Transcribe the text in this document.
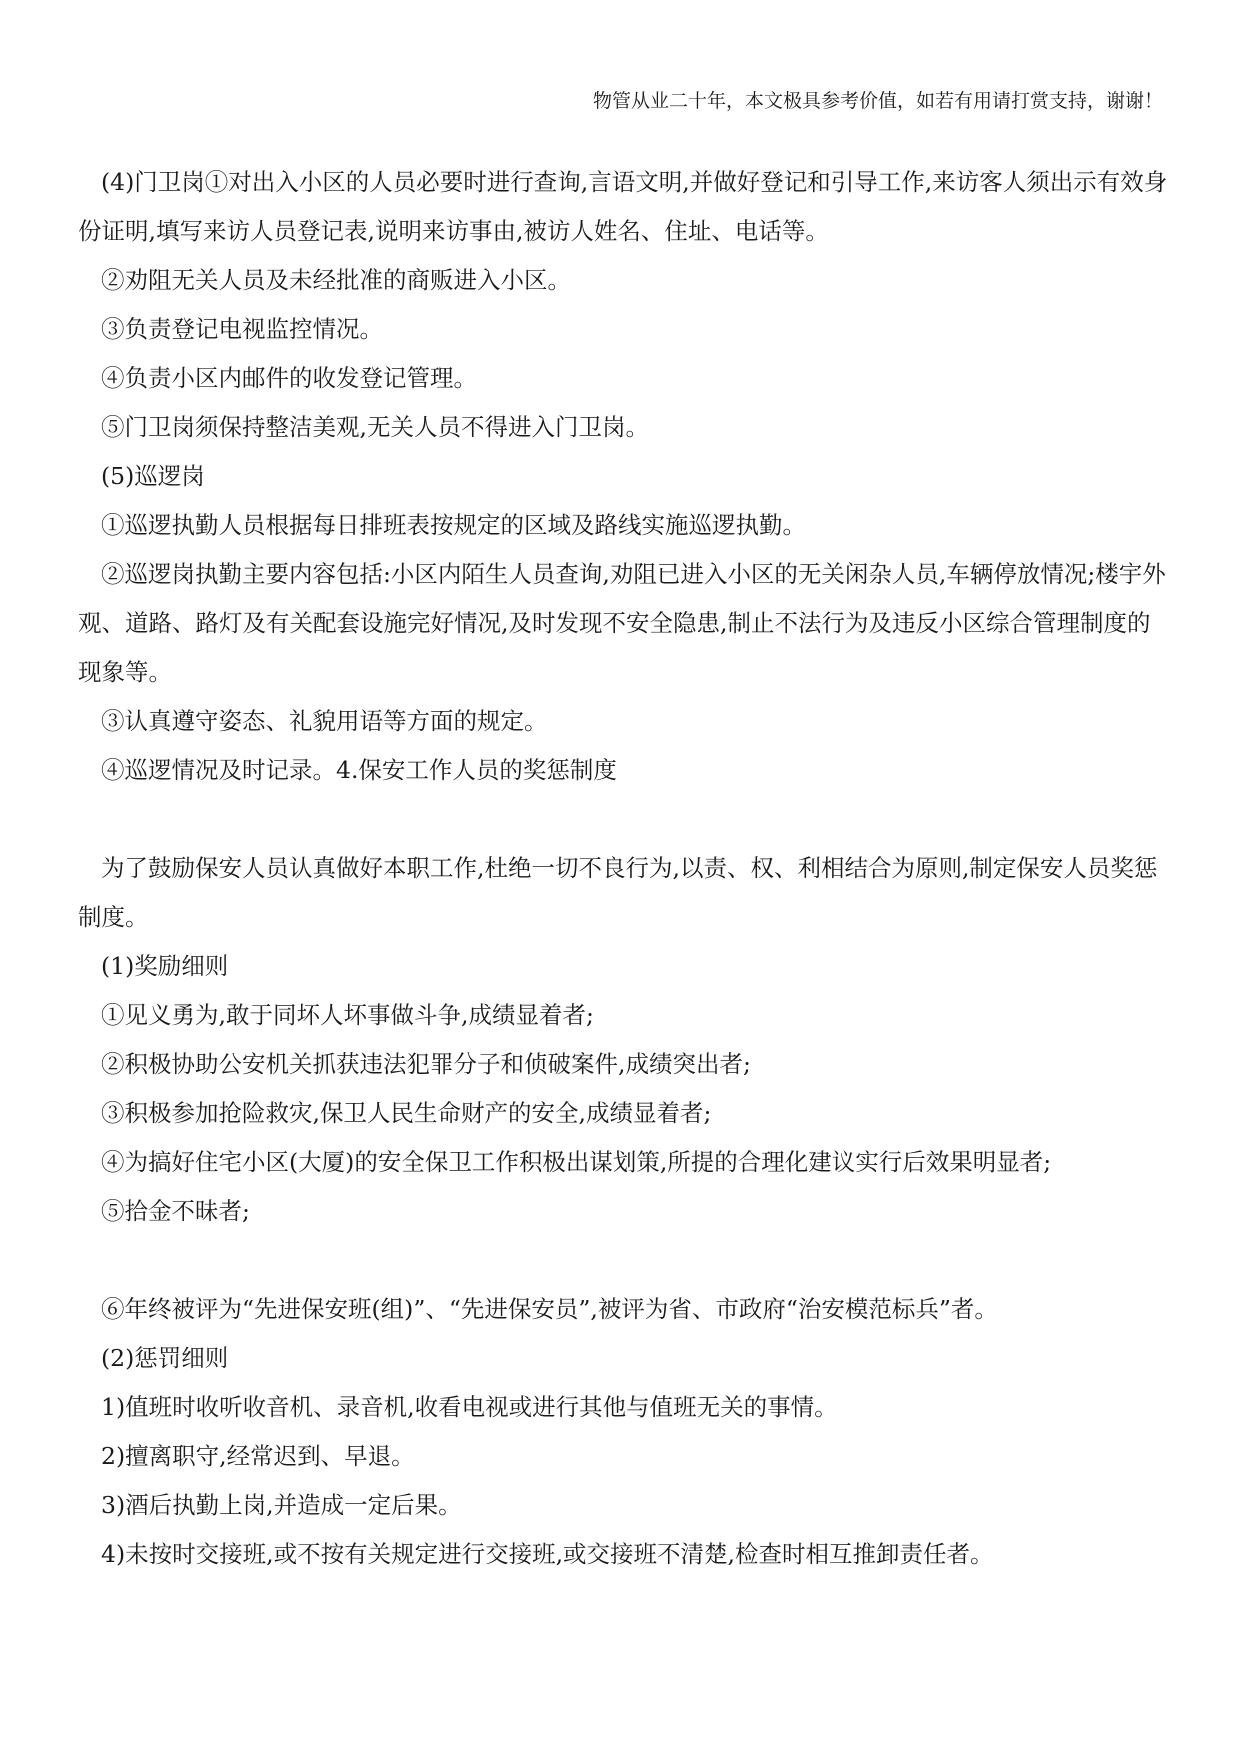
物管从业二十年，本文极具参考价值，如若有用请打赏支持，谢谢！

(4)门卫岗①对出入小区的人员必要时进行查询,言语文明,并做好登记和引导工作,来访客人须出示有效身份证明,填写来访人员登记表,说明来访事由,被访人姓名、住址、电话等。

②劝阻无关人员及未经批准的商贩进入小区。

③负责登记电视监控情况。

④负责小区内邮件的收发登记管理。

⑤门卫岗须保持整洁美观,无关人员不得进入门卫岗。

(5)巡逻岗

①巡逻执勤人员根据每日排班表按规定的区域及路线实施巡逻执勤。

②巡逻岗执勤主要内容包括:小区内陌生人员查询,劝阻已进入小区的无关闲杂人员,车辆停放情况;楼宇外观、道路、路灯及有关配套设施完好情况,及时发现不安全隐患,制止不法行为及违反小区综合管理制度的现象等。

③认真遵守姿态、礼貌用语等方面的规定。

④巡逻情况及时记录。4.保安工作人员的奖惩制度

为了鼓励保安人员认真做好本职工作,杜绝一切不良行为,以责、权、利相结合为原则,制定保安人员奖惩制度。

(1)奖励细则

①见义勇为,敢于同坏人坏事做斗争,成绩显着者;

②积极协助公安机关抓获违法犯罪分子和侦破案件,成绩突出者;

③积极参加抢险救灾,保卫人民生命财产的安全,成绩显着者;

④为搞好住宅小区(大厦)的安全保卫工作积极出谋划策,所提的合理化建议实行后效果明显者;

⑤拾金不昧者;

⑥年终被评为“先进保安班(组)”、“先进保安员”,被评为省、市政府“治安模范标兵”者。

(2)惩罚细则

1)值班时收听收音机、录音机,收看电视或进行其他与值班无关的事情。

2)擅离职守,经常迟到、早退。

3)酒后执勤上岗,并造成一定后果。

4)未按时交接班,或不按有关规定进行交接班,或交接班不清楚,检查时相互推卸责任者。
